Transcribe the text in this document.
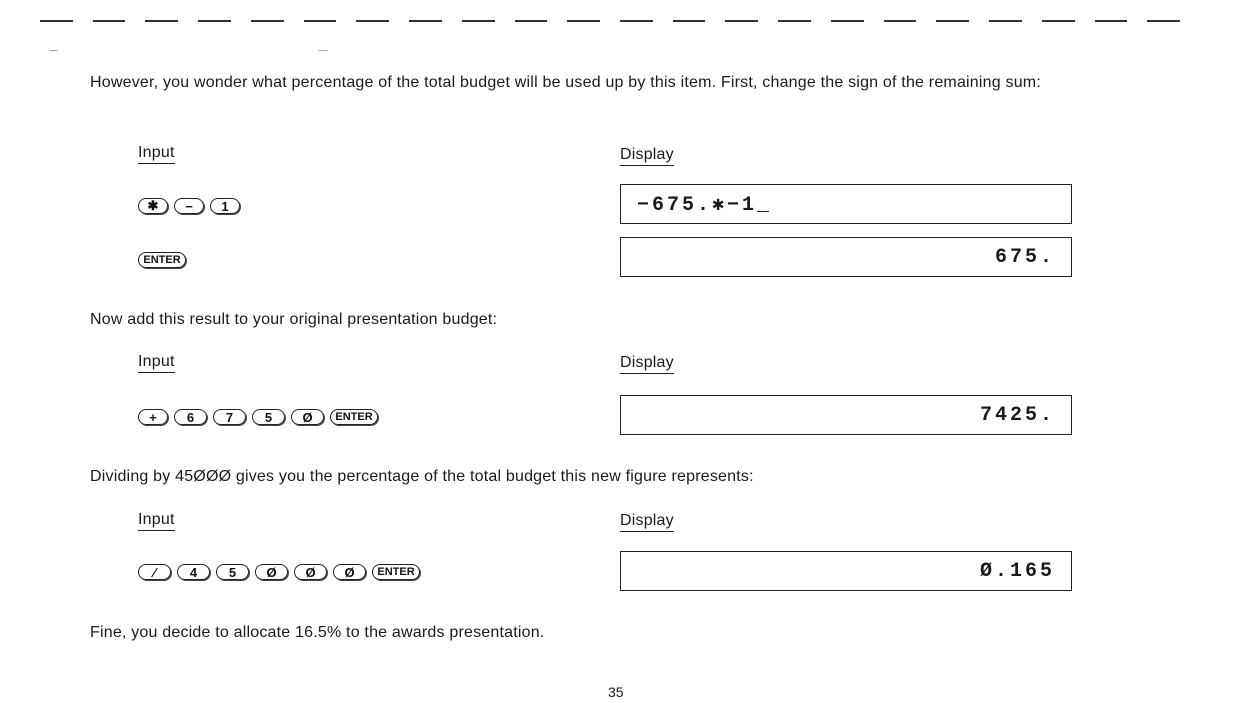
However, you wonder what percentage of the total budget will be used up by this item. First, change the sign of the remaining sum:

Input	Display
✱	−	1	−675.✱−1_
ENTER	675.

Now add this result to your original presentation budget:

Input	Display
+	6	7	5	Ø	ENTER	7425.

Dividing by 45ØØØ gives you the percentage of the total budget this new figure represents:

Input	Display
∕	4	5	Ø	Ø	Ø	ENTER	Ø.165

Fine, you decide to allocate 16.5% to the awards presentation.

35
